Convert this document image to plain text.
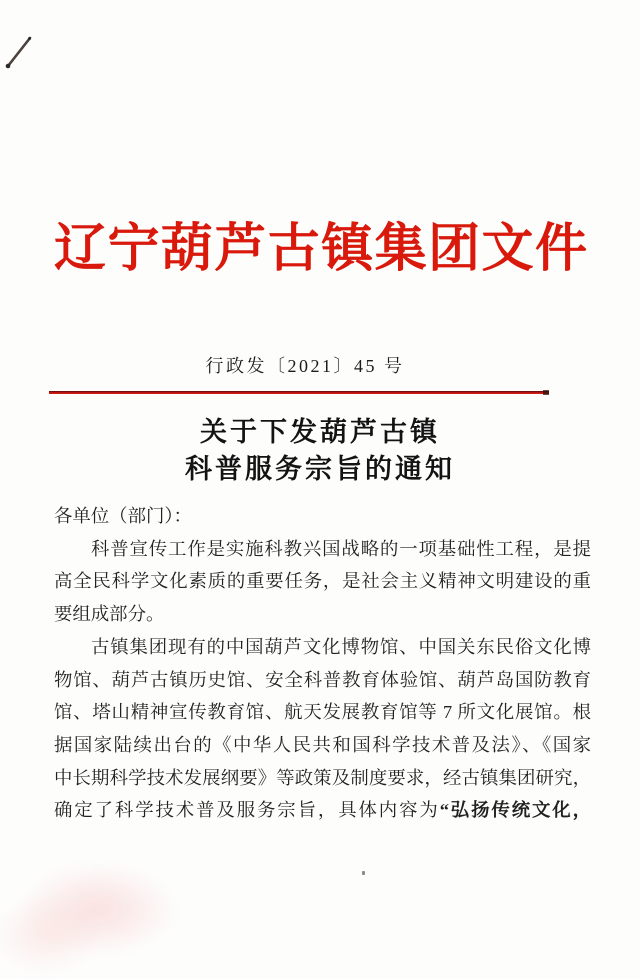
辽宁葫芦古镇集团文件
行政发〔2021〕45 号
关于下发葫芦古镇
科普服务宗旨的通知
各单位（部门）：
科普宣传工作是实施科教兴国战略的一项基础性工程，是提
高全民科学文化素质的重要任务，是社会主义精神文明建设的重
要组成部分。
古镇集团现有的中国葫芦文化博物馆、中国关东民俗文化博
物馆、葫芦古镇历史馆、安全科普教育体验馆、葫芦岛国防教育
馆、塔山精神宣传教育馆、航天发展教育馆等 7 所文化展馆。根
据国家陆续出台的《中华人民共和国科学技术普及法》、《国家
中长期科学技术发展纲要》等政策及制度要求，经古镇集团研究，
确定了科学技术普及服务宗旨，具体内容为“弘扬传统文化，
